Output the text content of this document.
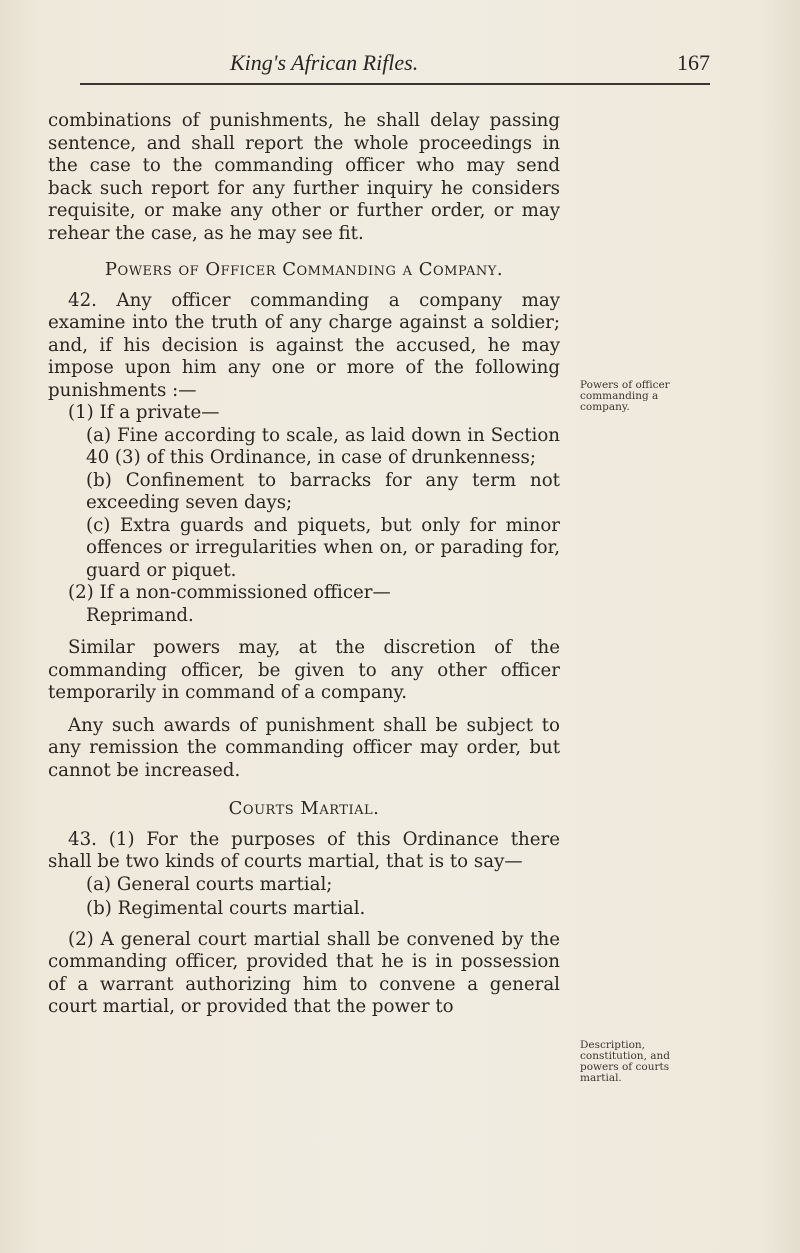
King's African Rifles.	167

combinations of punishments, he shall delay passing sentence, and shall report the whole proceedings in the case to the commanding officer who may send back such report for any further inquiry he considers requisite, or make any other or further order, or may rehear the case, as he may see fit.

Powers of Officer Commanding a Company.

42. Any officer commanding a company may examine into the truth of any charge against a soldier; and, if his decision is against the accused, he may impose upon him any one or more of the following punishments :—

(1) If a private—

(a) Fine according to scale, as laid down in Section 40 (3) of this Ordinance, in case of drunkenness;

(b) Confinement to barracks for any term not exceeding seven days;

(c) Extra guards and piquets, but only for minor offences or irregularities when on, or parading for, guard or piquet.

(2) If a non-commissioned officer—

Reprimand.

Similar powers may, at the discretion of the commanding officer, be given to any other officer temporarily in command of a company.

Any such awards of punishment shall be subject to any remission the commanding officer may order, but cannot be increased.

Courts Martial.

43. (1) For the purposes of this Ordinance there shall be two kinds of courts martial, that is to say—

(a) General courts martial;

(b) Regimental courts martial.

(2) A general court martial shall be convened by the commanding officer, provided that he is in possession of a warrant authorizing him to convene a general court martial, or provided that the power to

Powers of officer commanding a company.
Description, constitution, and powers of courts martial.
